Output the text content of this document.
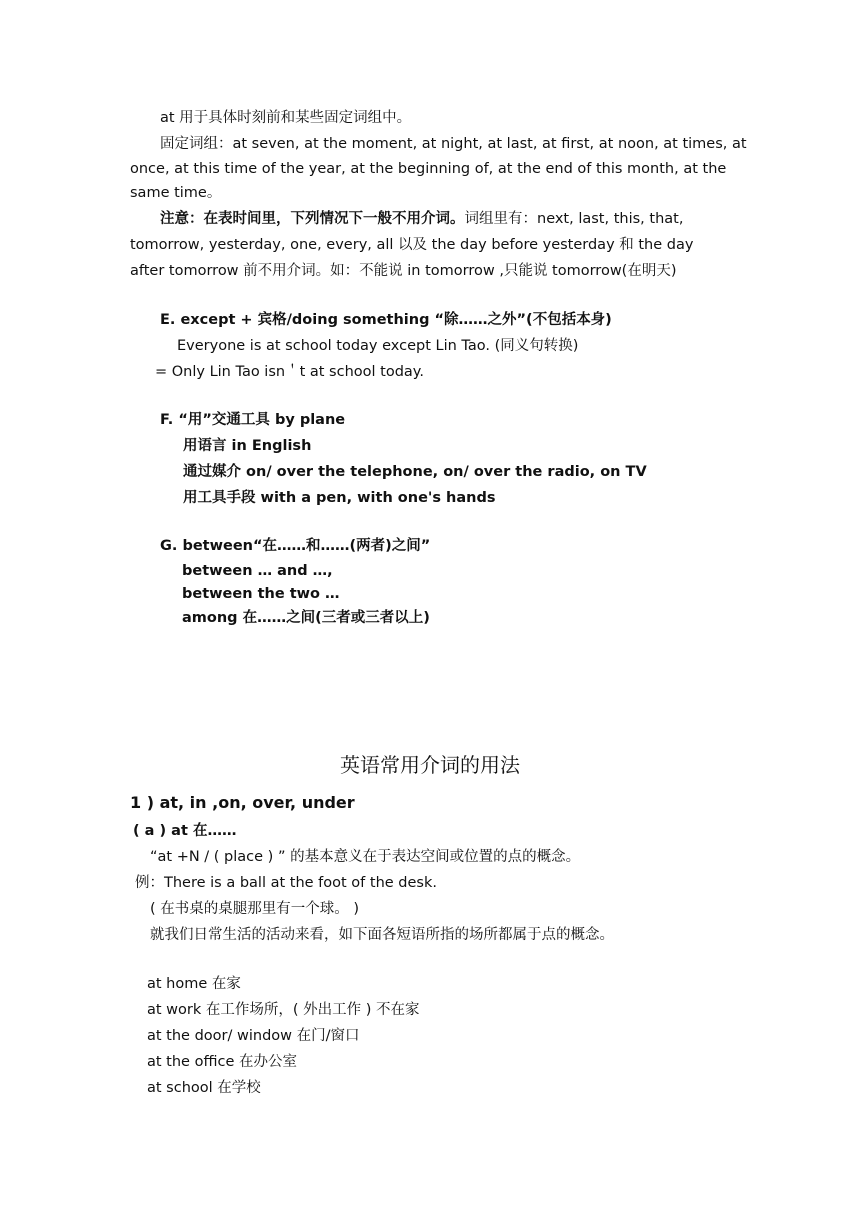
at 用于具体时刻前和某些固定词组中。
固定词组：at seven, at the moment, at night, at last, at first, at noon, at times, at
once, at this time of the year, at the beginning of, at the end of this month, at the
same time。
注意：在表时间里，下列情况下一般不用介词。词组里有：next, last, this, that,
tomorrow, yesterday, one, every, all 以及 the day before yesterday 和 the day
after tomorrow 前不用介词。如：不能说 in tomorrow ,只能说 tomorrow(在明天)
E. except + 宾格/doing something “除……之外”(不包括本身)
Everyone is at school today except Lin Tao. (同义句转换)
= Only Lin Tao isn＇t at school today.
F. “用”交通工具 by plane
用语言 in English
通过媒介 on/ over the telephone, on/ over the radio, on TV
用工具手段 with a pen, with one's hands
G. between“在……和……(两者)之间”
between … and …,
between the two …
among 在……之间(三者或三者以上)
英语常用介词的用法
1 ) at, in ,on, over, under
( a ) at 在……
“at +N / ( place ) ” 的基本意义在于表达空间或位置的点的概念。
例：There is a ball at the foot of the desk.
( 在书桌的桌腿那里有一个球。 )
就我们日常生活的活动来看，如下面各短语所指的场所都属于点的概念。
at home 在家
at work 在工作场所，( 外出工作 ) 不在家
at the door/ window 在门/窗口
at the office 在办公室
at school 在学校
